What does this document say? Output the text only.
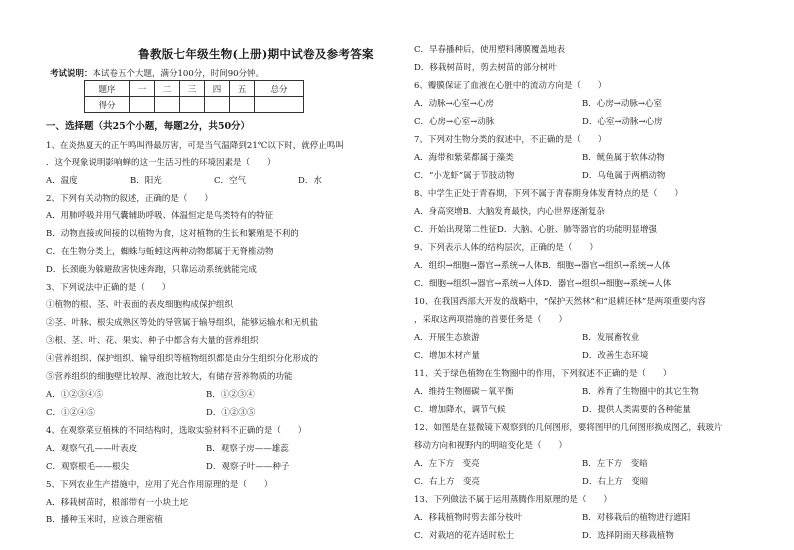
鲁教版七年级生物(上册)期中试卷及参考答案
考试说明：本试卷五个大题，满分100分，时间90分钟。
题序	一	二	三	四	五	总分
得分						
一、选择题（共25个小题，每题2分，共50分）
1、在炎热夏天的正午鸣叫得最厉害，可是当气温降到21℃以下时，就停止鸣叫
．这个现象说明影响蝉的这一生活习性的环境因素是（　　）
A．温度	B．阳光	C．空气	D．水
2、下列有关动物的叙述，正确的是（　　）
A．用肺呼吸并用气囊辅助呼吸、体温恒定是鸟类特有的特征
B．动物直接或间接的以植物为食，这对植物的生长和繁殖是不利的
C．在生物分类上，蜘蛛与蚯蚓这两种动物都属于无脊椎动物
D．长颈鹿为躲避敌害快速奔跑，只靠运动系统就能完成
3、下列说法中正确的是（　　）
①植物的根、茎、叶表面的表皮细胞构成保护组织
②茎、叶脉、根尖成熟区等处的导管属于输导组织，能够运输水和无机盐
③根、茎、叶、花、果实、种子中都含有大量的营养组织
④营养组织、保护组织、输导组织等植物组织都是由分生组织分化形成的
⑤营养组织的细胞壁比较厚、液泡比较大，有储存营养物质的功能
A．①②③④⑤	B．①②③④
C．①②④⑤	D．①②③⑤
4、在观察菜豆植株的不同结构时，选取实验材料不正确的是（　　）
A．观察气孔——叶表皮	B．观察子房——雄蕊
C．观察根毛——根尖	D．观察子叶——种子
5、下列农业生产措施中，应用了光合作用原理的是（　　）
A．移栽树苗时，根部带有一小块土坨
B．播种玉米时，应该合理密植
C．早春播种后，使用塑料薄膜覆盖地表
D．移栽树苗时，剪去树苗的部分树叶
6、瓣膜保证了血液在心脏中的流动方向是（　　）
A．动脉→心室→心房	B．心房→动脉→心室
C．心房→心室→动脉	D．心室→动脉→心房
7、下列对生物分类的叙述中，不正确的是（　　）
A．海带和紫菜都属于藻类	B．鱿鱼属于软体动物
C．“小龙虾”属于节肢动物	D．乌龟属于两栖动物
8、中学生正处于青春期，下列不属于青春期身体发育特点的是（　　）
A．身高突增B．大脑发育最快，内心世界逐渐复杂
C．开始出现第二性征D．大脑、心脏、肺等器官的功能明显增强
9、下列表示人体的结构层次，正确的是（　　）
A．组织→细胞→器官→系统→人体B．细胞→器官→组织→系统→人体
C．细胞→组织→器官→系统→人体D．器官→组织→细胞→系统→人体
10、在我国西部大开发的战略中，“保护天然林”和“退耕还林”是两项重要内容
，采取这两项措施的首要任务是（　　）
A．开展生态旅游	B．发展畜牧业
C．增加木材产量	D．改善生态环境
11、关于绿色植物在生物圈中的作用，下列叙述不正确的是（　　）
A．维持生物圈碳－氧平衡	B．养育了生物圈中的其它生物
C．增加降水，调节气候	D．提供人类需要的各种能量
12、如图是在显微镜下观察到的几何图形，要将图甲的几何图形换成图乙，载玻片
移动方向和视野内的明暗变化是（　　）
A．左下方　变亮	B．左下方　变暗
C．右上方　变亮	D．右上方　变暗
13、下列做法不属于运用蒸腾作用原理的是（　　）
A．移栽植物时剪去部分枝叶	B．对移栽后的植物进行遮阳
C．对栽培的花卉适时松土	D．选择阴雨天移栽植物
